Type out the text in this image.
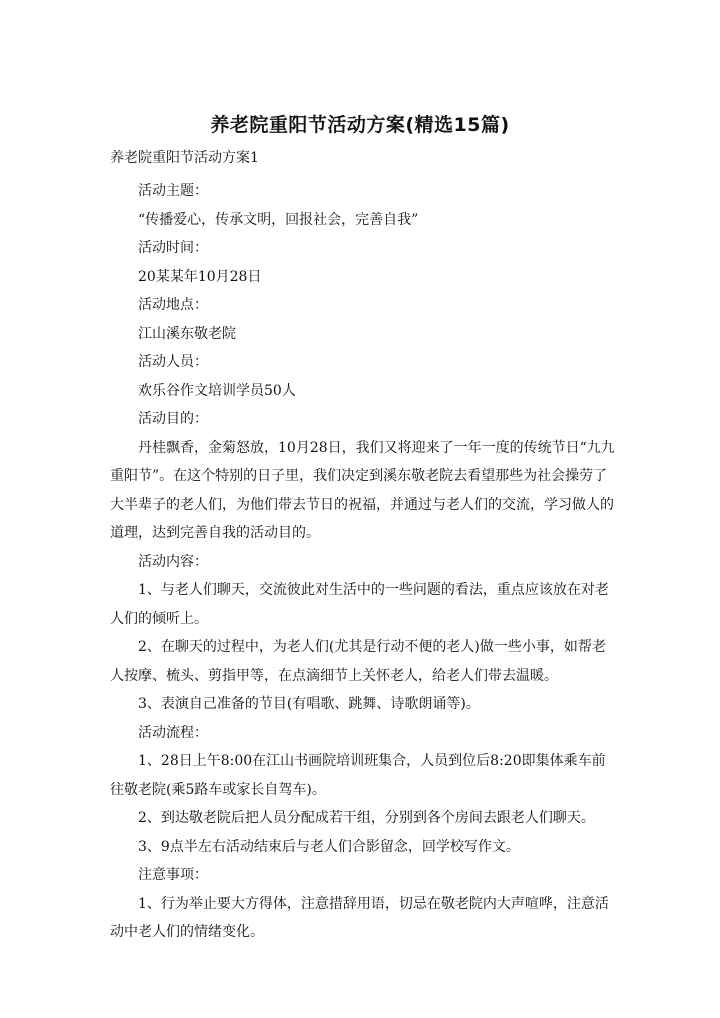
养老院重阳节活动方案(精选15篇)
养老院重阳节活动方案1

活动主题：

“传播爱心，传承文明，回报社会，完善自我”

活动时间：

20某某年10月28日

活动地点：

江山溪东敬老院

活动人员：

欢乐谷作文培训学员50人

活动目的：

丹桂飘香，金菊怒放，10月28日，我们又将迎来了一年一度的传统节日“九九重阳节”。在这个特别的日子里，我们决定到溪东敬老院去看望那些为社会操劳了大半辈子的老人们，为他们带去节日的祝福，并通过与老人们的交流，学习做人的道理，达到完善自我的活动目的。

活动内容：

1、与老人们聊天，交流彼此对生活中的一些问题的看法，重点应该放在对老人们的倾听上。

2、在聊天的过程中，为老人们(尤其是行动不便的老人)做一些小事，如帮老人按摩、梳头、剪指甲等，在点滴细节上关怀老人，给老人们带去温暖。

3、表演自己准备的节目(有唱歌、跳舞、诗歌朗诵等)。

活动流程：

1、28日上午8:00在江山书画院培训班集合，人员到位后8:20即集体乘车前往敬老院(乘5路车或家长自驾车)。

2、到达敬老院后把人员分配成若干组，分别到各个房间去跟老人们聊天。

3、9点半左右活动结束后与老人们合影留念，回学校写作文。

注意事项：

1、行为举止要大方得体，注意措辞用语，切忌在敬老院内大声喧哗，注意活动中老人们的情绪变化。
